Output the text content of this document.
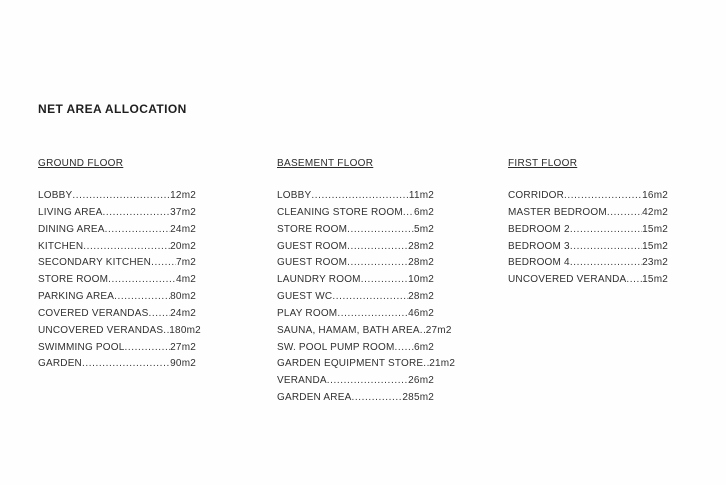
NET AREA ALLOCATION
GROUND FLOOR
LOBBY .....	12m2
LIVING AREA .....	37m2
DINING AREA .....	24m2
KITCHEN .....	20m2
SECONDARY KITCHEN ..... 7m2
STORE ROOM .....	4m2
PARKING AREA .....	80m2
COVERED VERANDAS ..... 24m2
UNCOVERED VERANDAS ..... 180m2
SWIMMING POOL .....	27m2
GARDEN .....	90m2
BASEMENT FLOOR
LOBBY .....	11m2
CLEANING STORE ROOM ..... 6m2
STORE ROOM .....	5m2
GUEST ROOM .....	28m2
GUEST ROOM .....	28m2
LAUNDRY ROOM .....	10m2
GUEST WC .....	28m2
PLAY ROOM .....	46m2
SAUNA, HAMAM, BATH AREA ..... 27m2
SW. POOL PUMP ROOM ..... 6m2
GARDEN EQUIPMENT STORE ..... 21m2
VERANDA .....	26m2
GARDEN AREA .....	285m2
FIRST FLOOR
CORRIDOR .....	16m2
MASTER BEDROOM .....	42m2
BEDROOM 2 .....	15m2
BEDROOM 3 .....	15m2
BEDROOM 4 .....	23m2
UNCOVERED VERANDA ..... 15m2
